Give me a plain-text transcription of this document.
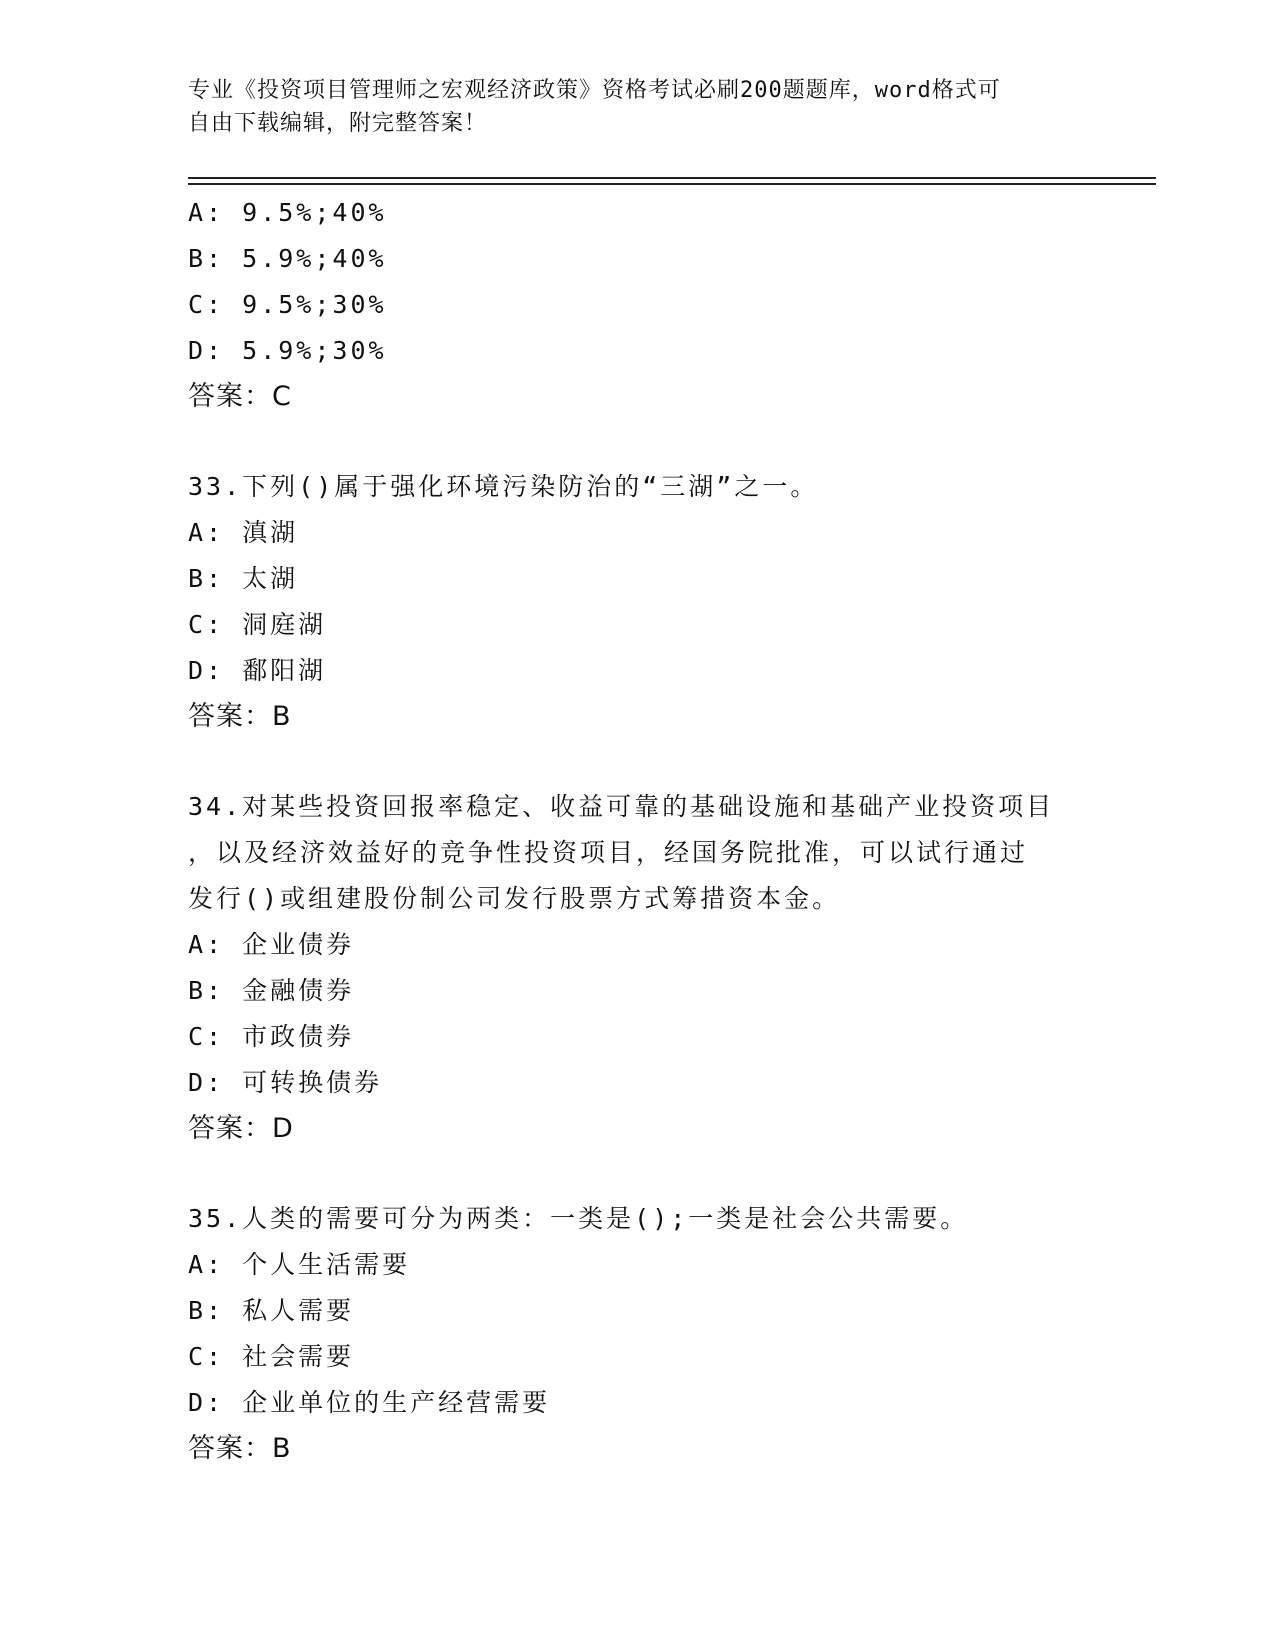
专业《投资项目管理师之宏观经济政策》资格考试必刷200题题库，word格式可
自由下载编辑，附完整答案！
A: 9.5%;40%
B: 5.9%;40%
C: 9.5%;30%
D: 5.9%;30%
答案：C
33.下列()属于强化环境污染防治的“三湖”之一。
A: 滇湖
B: 太湖
C: 洞庭湖
D: 鄱阳湖
答案：B
34.对某些投资回报率稳定、收益可靠的基础设施和基础产业投资项目
，以及经济效益好的竞争性投资项目，经国务院批准，可以试行通过
发行()或组建股份制公司发行股票方式筹措资本金。
A: 企业债券
B: 金融债券
C: 市政债券
D: 可转换债券
答案：D
35.人类的需要可分为两类：一类是();一类是社会公共需要。
A: 个人生活需要
B: 私人需要
C: 社会需要
D: 企业单位的生产经营需要
答案：B
